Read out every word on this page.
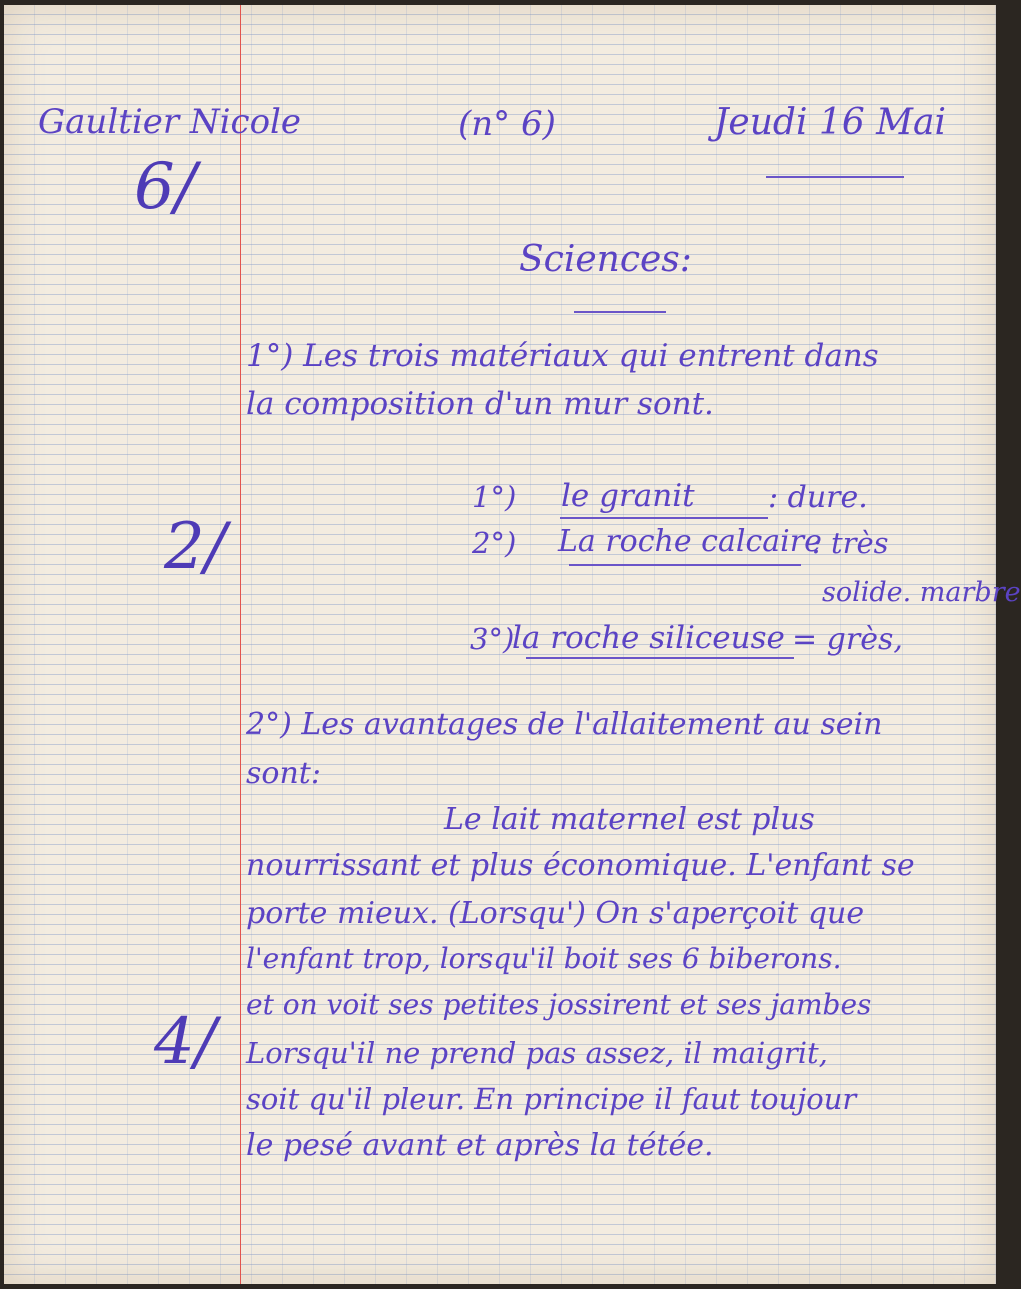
Gaultier Nicole	(n° 6)	Jeudi 16 Mai

6/

2/

4/

Sciences:

1°) Les trois matériaux qui entrent dans

la composition d'un mur sont.

1°) le granit : dure.

2°) La roche calcaire

: très

solide. marbre

3°)

la roche siliceuse = grès,

2°) Les avantages de l'allaitement au sein

sont:

Le lait maternel est plus

nourrissant et plus économique. L'enfant se

porte mieux. (Lorsqu') On s'aperçoit que

l'enfant trop, lorsqu'il boit ses 6 biberons.

et on voit ses petites jossirent et ses jambes

Lorsqu'il ne prend pas assez, il maigrit,

soit qu'il pleur. En principe il faut toujour

le pesé avant et après la tétée.
